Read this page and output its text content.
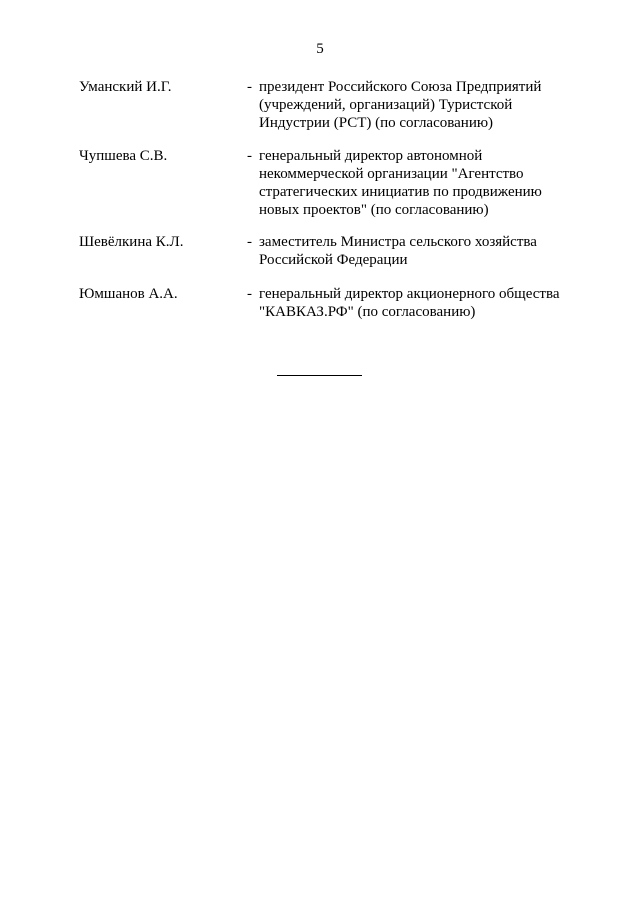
5
Уманский И.Г.	- президент Российского Союза Предприятий
(учреждений, организаций) Туристской
Индустрии (РСТ) (по согласованию)
Чупшева С.В.	- генеральный директор автономной
некоммерческой организации "Агентство
стратегических инициатив по продвижению
новых проектов" (по согласованию)
Шевёлкина К.Л.	- заместитель Министра сельского хозяйства
Российской Федерации
Юмшанов А.А.	- генеральный директор акционерного общества
"КАВКАЗ.РФ" (по согласованию)
